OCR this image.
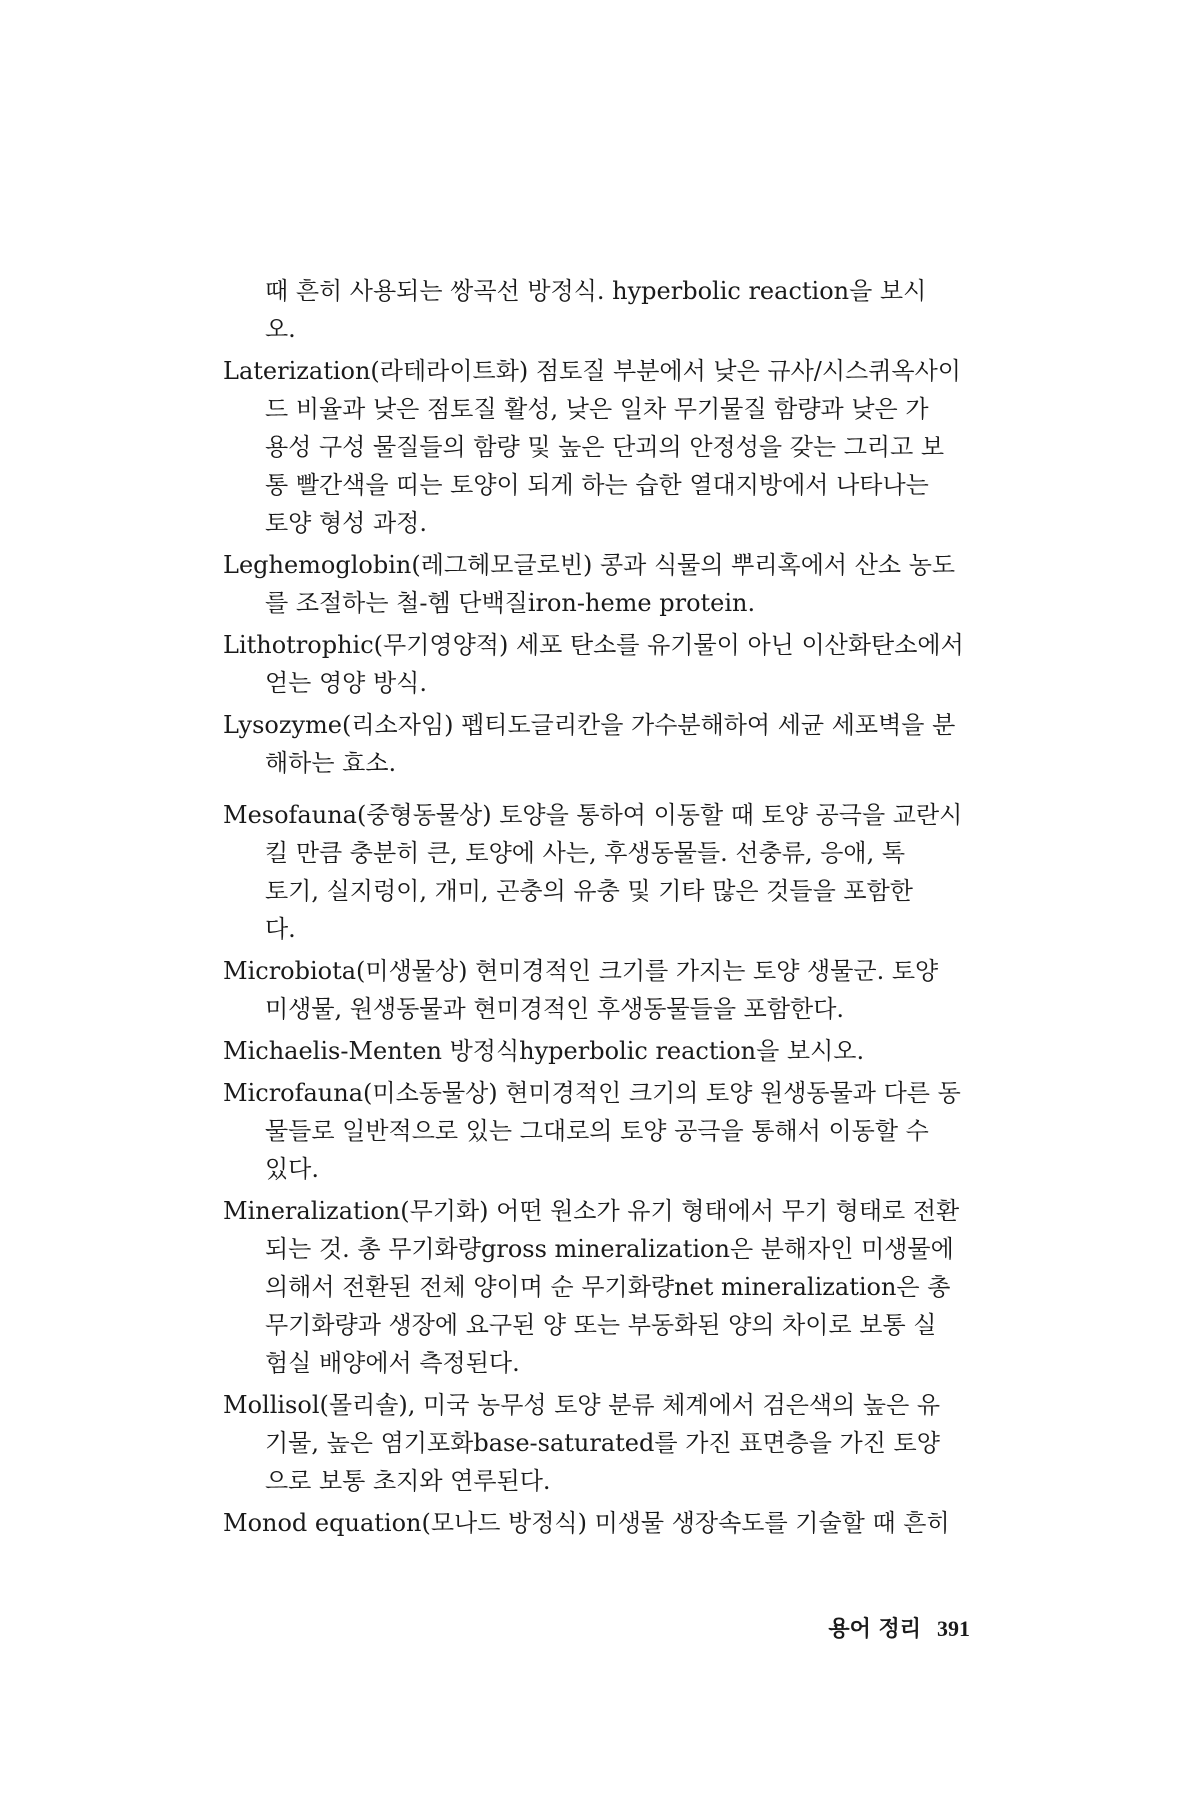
때 흔히 사용되는 쌍곡선 방정식. hyperbolic reaction을 보시
오.
Laterization(라테라이트화) 점토질 부분에서 낮은 규사/시스퀴옥사이
드 비율과 낮은 점토질 활성, 낮은 일차 무기물질 함량과 낮은 가
용성 구성 물질들의 함량 및 높은 단괴의 안정성을 갖는 그리고 보
통 빨간색을 띠는 토양이 되게 하는 습한 열대지방에서 나타나는
토양 형성 과정.
Leghemoglobin(레그헤모글로빈) 콩과 식물의 뿌리혹에서 산소 농도
를 조절하는 철-헴 단백질iron-heme protein.
Lithotrophic(무기영양적) 세포 탄소를 유기물이 아닌 이산화탄소에서
얻는 영양 방식.
Lysozyme(리소자임) 펩티도글리칸을 가수분해하여 세균 세포벽을 분
해하는 효소.
Mesofauna(중형동물상) 토양을 통하여 이동할 때 토양 공극을 교란시
킬 만큼 충분히 큰, 토양에 사는, 후생동물들. 선충류, 응애, 톡
토기, 실지렁이, 개미, 곤충의 유충 및 기타 많은 것들을 포함한
다.
Microbiota(미생물상) 현미경적인 크기를 가지는 토양 생물군. 토양
미생물, 원생동물과 현미경적인 후생동물들을 포함한다.
Michaelis-Menten 방정식hyperbolic reaction을 보시오.
Microfauna(미소동물상) 현미경적인 크기의 토양 원생동물과 다른 동
물들로 일반적으로 있는 그대로의 토양 공극을 통해서 이동할 수
있다.
Mineralization(무기화) 어떤 원소가 유기 형태에서 무기 형태로 전환
되는 것. 총 무기화량gross mineralization은 분해자인 미생물에
의해서 전환된 전체 양이며 순 무기화량net mineralization은 총
무기화량과 생장에 요구된 양 또는 부동화된 양의 차이로 보통 실
험실 배양에서 측정된다.
Mollisol(몰리솔), 미국 농무성 토양 분류 체계에서 검은색의 높은 유
기물, 높은 염기포화base-saturated를 가진 표면층을 가진 토양
으로 보통 초지와 연루된다.
Monod equation(모나드 방정식) 미생물 생장속도를 기술할 때 흔히
용어 정리 391
